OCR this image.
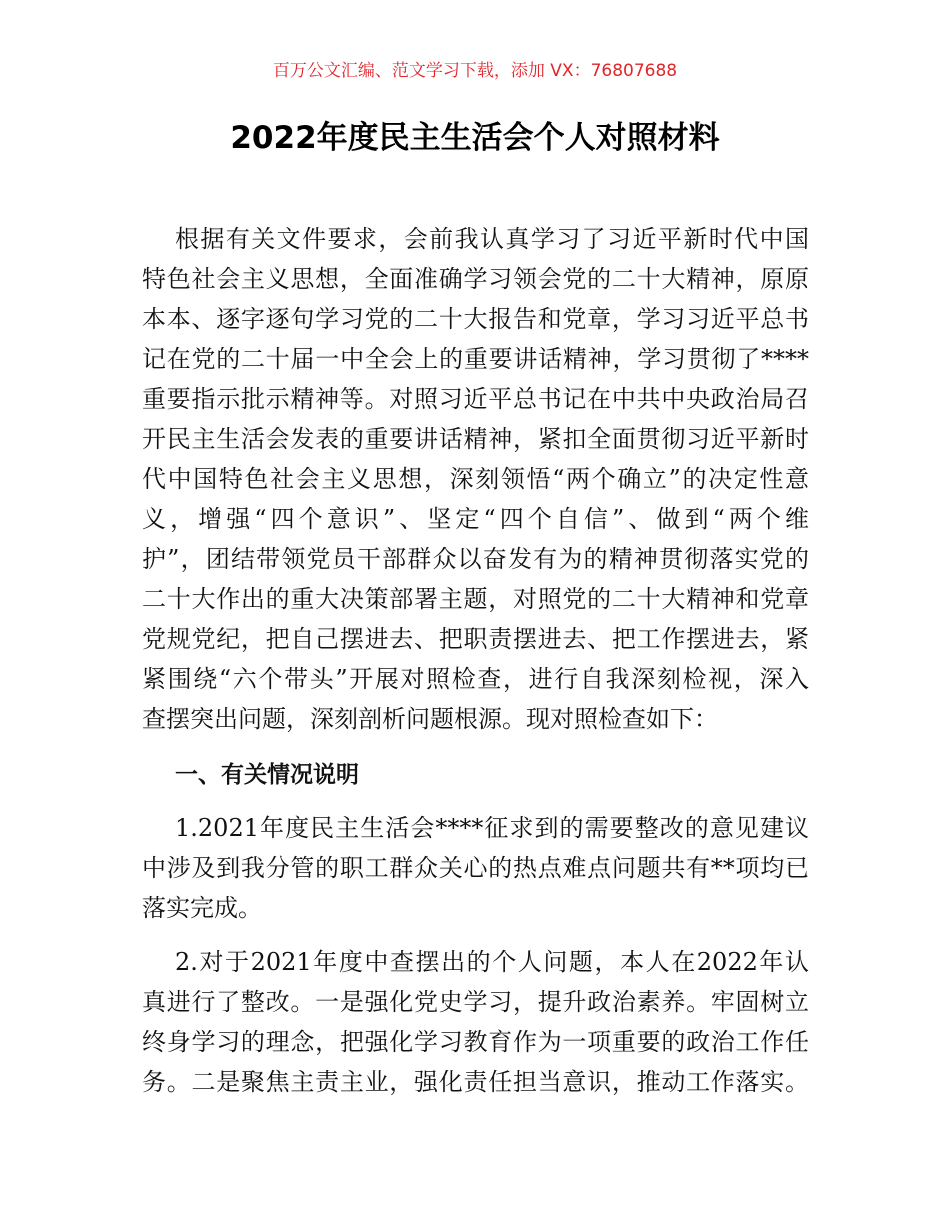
百万公文汇编、范文学习下载，添加 VX：76807688
2022年度民主生活会个人对照材料
根据有关文件要求，会前我认真学习了习近平新时代中国
特色社会主义思想，全面准确学习领会党的二十大精神，原原
本本、逐字逐句学习党的二十大报告和党章，学习习近平总书
记在党的二十届一中全会上的重要讲话精神，学习贯彻了****
重要指示批示精神等。对照习近平总书记在中共中央政治局召
开民主生活会发表的重要讲话精神，紧扣全面贯彻习近平新时
代中国特色社会主义思想，深刻领悟“两个确立”的决定性意
义，增强“四个意识”、坚定“四个自信”、做到“两个维
护”，团结带领党员干部群众以奋发有为的精神贯彻落实党的
二十大作出的重大决策部署主题，对照党的二十大精神和党章
党规党纪，把自己摆进去、把职责摆进去、把工作摆进去，紧
紧围绕“六个带头”开展对照检查，进行自我深刻检视，深入
查摆突出问题，深刻剖析问题根源。现对照检查如下：
一、有关情况说明
1.2021年度民主生活会****征求到的需要整改的意见建议
中涉及到我分管的职工群众关心的热点难点问题共有**项均已
落实完成。
2.对于2021年度中查摆出的个人问题，本人在2022年认
真进行了整改。一是强化党史学习，提升政治素养。牢固树立
终身学习的理念，把强化学习教育作为一项重要的政治工作任
务。二是聚焦主责主业，强化责任担当意识，推动工作落实。
